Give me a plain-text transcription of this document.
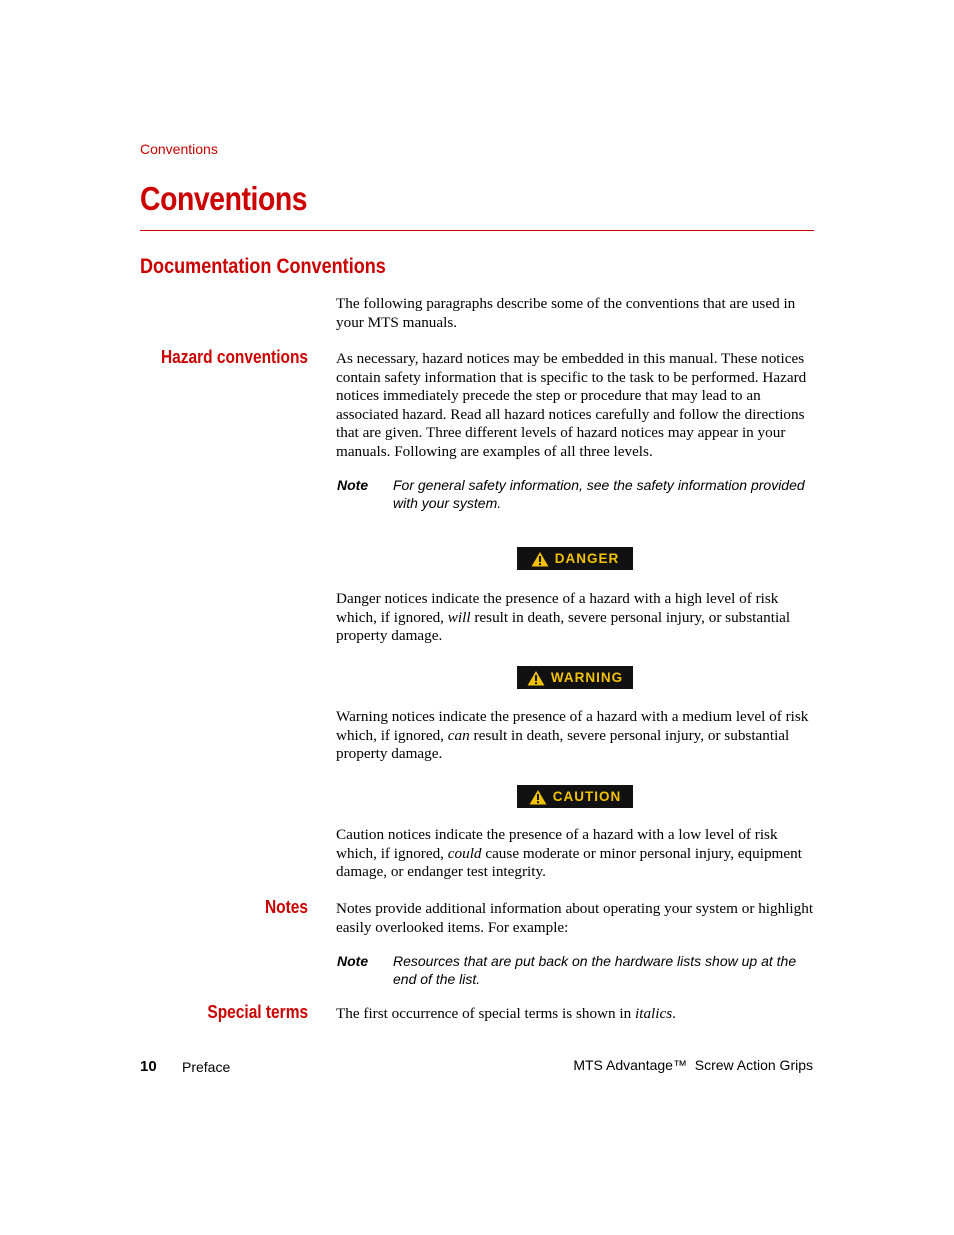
Conventions
Conventions
Documentation Conventions

The following paragraphs describe some of the conventions that are used in your MTS manuals.

Hazard conventions As necessary, hazard notices may be embedded in this manual. These notices contain safety information that is specific to the task to be performed. Hazard notices immediately precede the step or procedure that may lead to an associated hazard. Read all hazard notices carefully and follow the directions that are given. Three different levels of hazard notices may appear in your manuals. Following are examples of all three levels.

Note For general safety information, see the safety information provided with your system.

DANGER

Danger notices indicate the presence of a hazard with a high level of risk which, if ignored, will result in death, severe personal injury, or substantial property damage.

WARNING

Warning notices indicate the presence of a hazard with a medium level of risk which, if ignored, can result in death, severe personal injury, or substantial property damage.

CAUTION

Caution notices indicate the presence of a hazard with a low level of risk which, if ignored, could cause moderate or minor personal injury, equipment damage, or endanger test integrity.

Notes Notes provide additional information about operating your system or highlight easily overlooked items. For example:

Note Resources that are put back on the hardware lists show up at the end of the list.

Special terms The first occurrence of special terms is shown in italics.

10 Preface	MTS Advantage™  Screw Action Grips
